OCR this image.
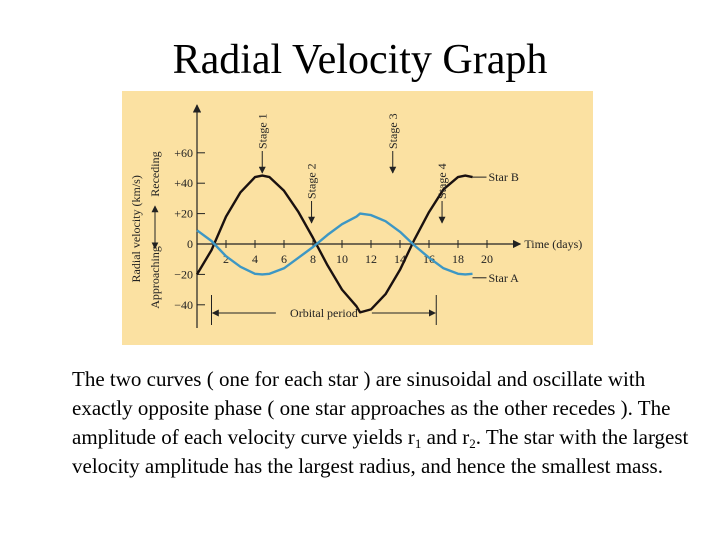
Radial Velocity Graph
Time (days)
−40
−20
0
+20
+40
+60
2 4 6 8 10 12 14 16 18 20
Radial velocity (km/s)
Receding
Approaching
Star B
Star A
Stage 1
Stage 2
Stage 3
Stage 4
Orbital period
The two curves ( one for each star ) are sinusoidal and oscillate with exactly opposite phase ( one star approaches as the other recedes ). The amplitude of each velocity curve yields $r_1$ and $r_2$. The star with the largest velocity amplitude has the largest radius, and hence the smallest mass.
